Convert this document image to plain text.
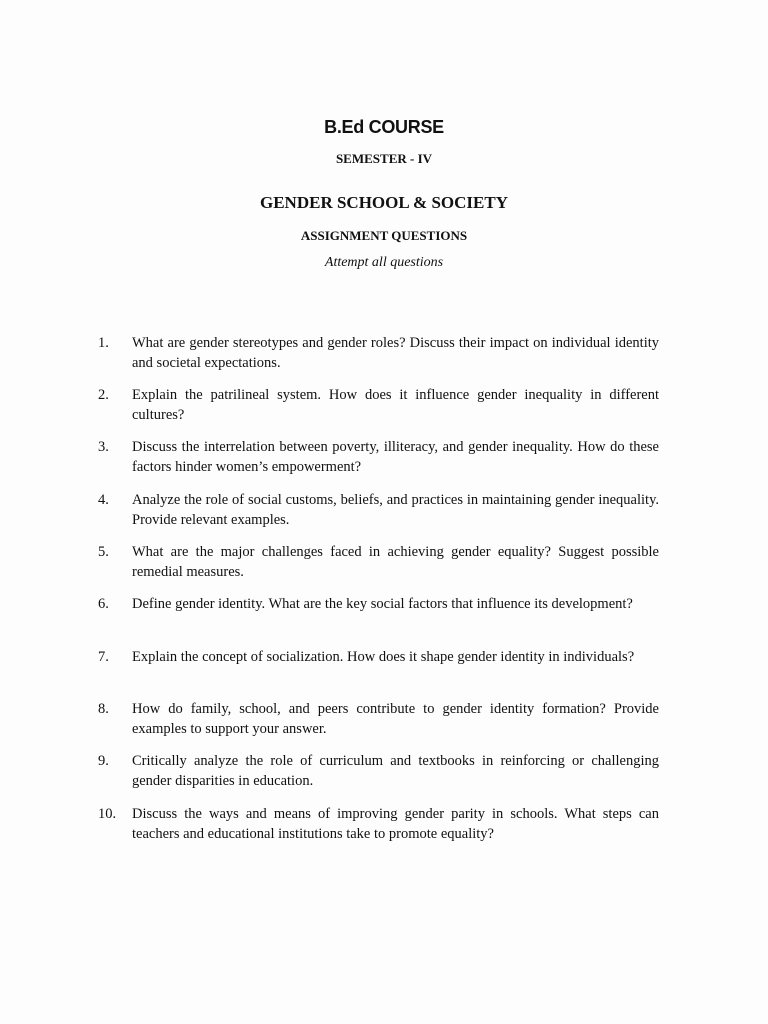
B.Ed COURSE
SEMESTER - IV
GENDER SCHOOL & SOCIETY
ASSIGNMENT QUESTIONS
Attempt all questions
1. What are gender stereotypes and gender roles? Discuss their impact on individual identity and societal expectations.
2. Explain the patrilineal system. How does it influence gender inequality in different cultures?
3. Discuss the interrelation between poverty, illiteracy, and gender inequality. How do these factors hinder women’s empowerment?
4. Analyze the role of social customs, beliefs, and practices in maintaining gender inequality. Provide relevant examples.
5. What are the major challenges faced in achieving gender equality? Suggest possible remedial measures.
6. Define gender identity. What are the key social factors that influence its development?
7. Explain the concept of socialization. How does it shape gender identity in individuals?
8. How do family, school, and peers contribute to gender identity formation? Provide examples to support your answer.
9. Critically analyze the role of curriculum and textbooks in reinforcing or challenging gender disparities in education.
10. Discuss the ways and means of improving gender parity in schools. What steps can teachers and educational institutions take to promote equality?
